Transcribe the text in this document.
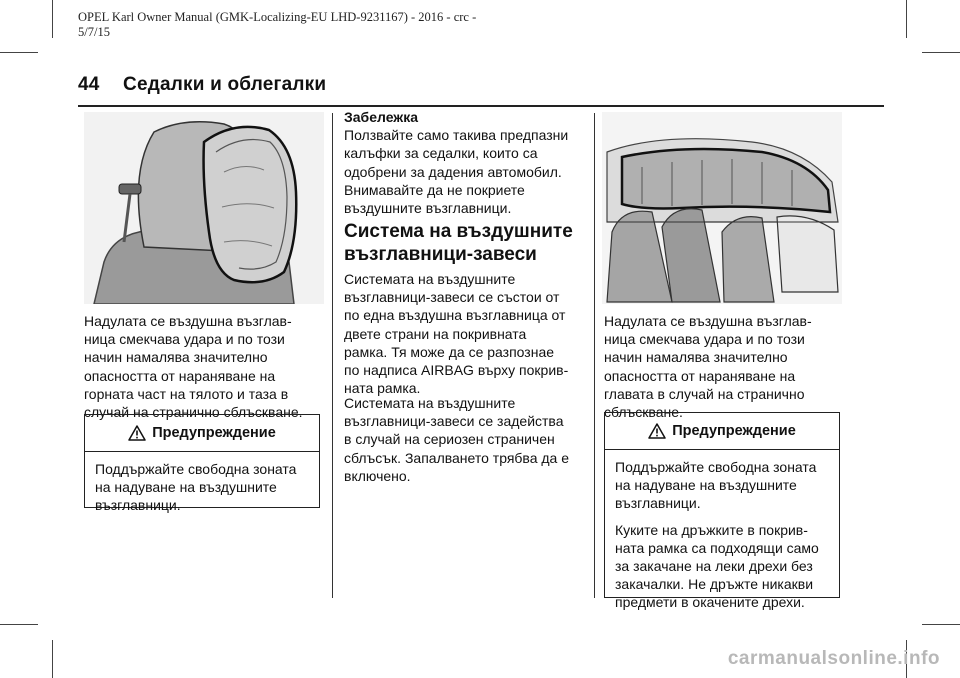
OPEL Karl Owner Manual (GMK-Localizing-EU LHD-9231167) - 2016 - crc -
5/7/15
44 Седалки и облегалки
Надулата се въздушна възглав-
ница смекчава удара и по този
начин намалява значително
опасността от нараняване на
горната част на тялото и таза в
случай на странично сблъскване.
Предупреждение

Поддържайте свободна зоната
на надуване на въздушните
възглавници.

Забележка
Ползвайте само такива предпазни
калъфки за седалки, които са
одобрени за дадения автомобил.
Внимавайте да не покриете
въздушните възглавници.
Система на въздушните
възглавници-завеси
Системата на въздушните
възглавници-завеси се състои от
по една въздушна възглавница от
двете страни на покривната
рамка. Тя може да се разпознае
по надписа AIRBAG върху покрив-
ната рамка.
Системата на въздушните
възглавници-завеси се задейства
в случай на сериозен страничен
сблъсък. Запалването трябва да е
включено.
Надулата се въздушна възглав-
ница смекчава удара и по този
начин намалява значително
опасността от нараняване на
главата в случай на странично
сблъскване.
Предупреждение

Поддържайте свободна зоната
на надуване на въздушните
възглавници.

Куките на дръжките в покрив-
ната рамка са подходящи само
за закачане на леки дрехи без
закачалки. Не дръжте никакви
предмети в окачените дрехи.

carmanualsonline.info
